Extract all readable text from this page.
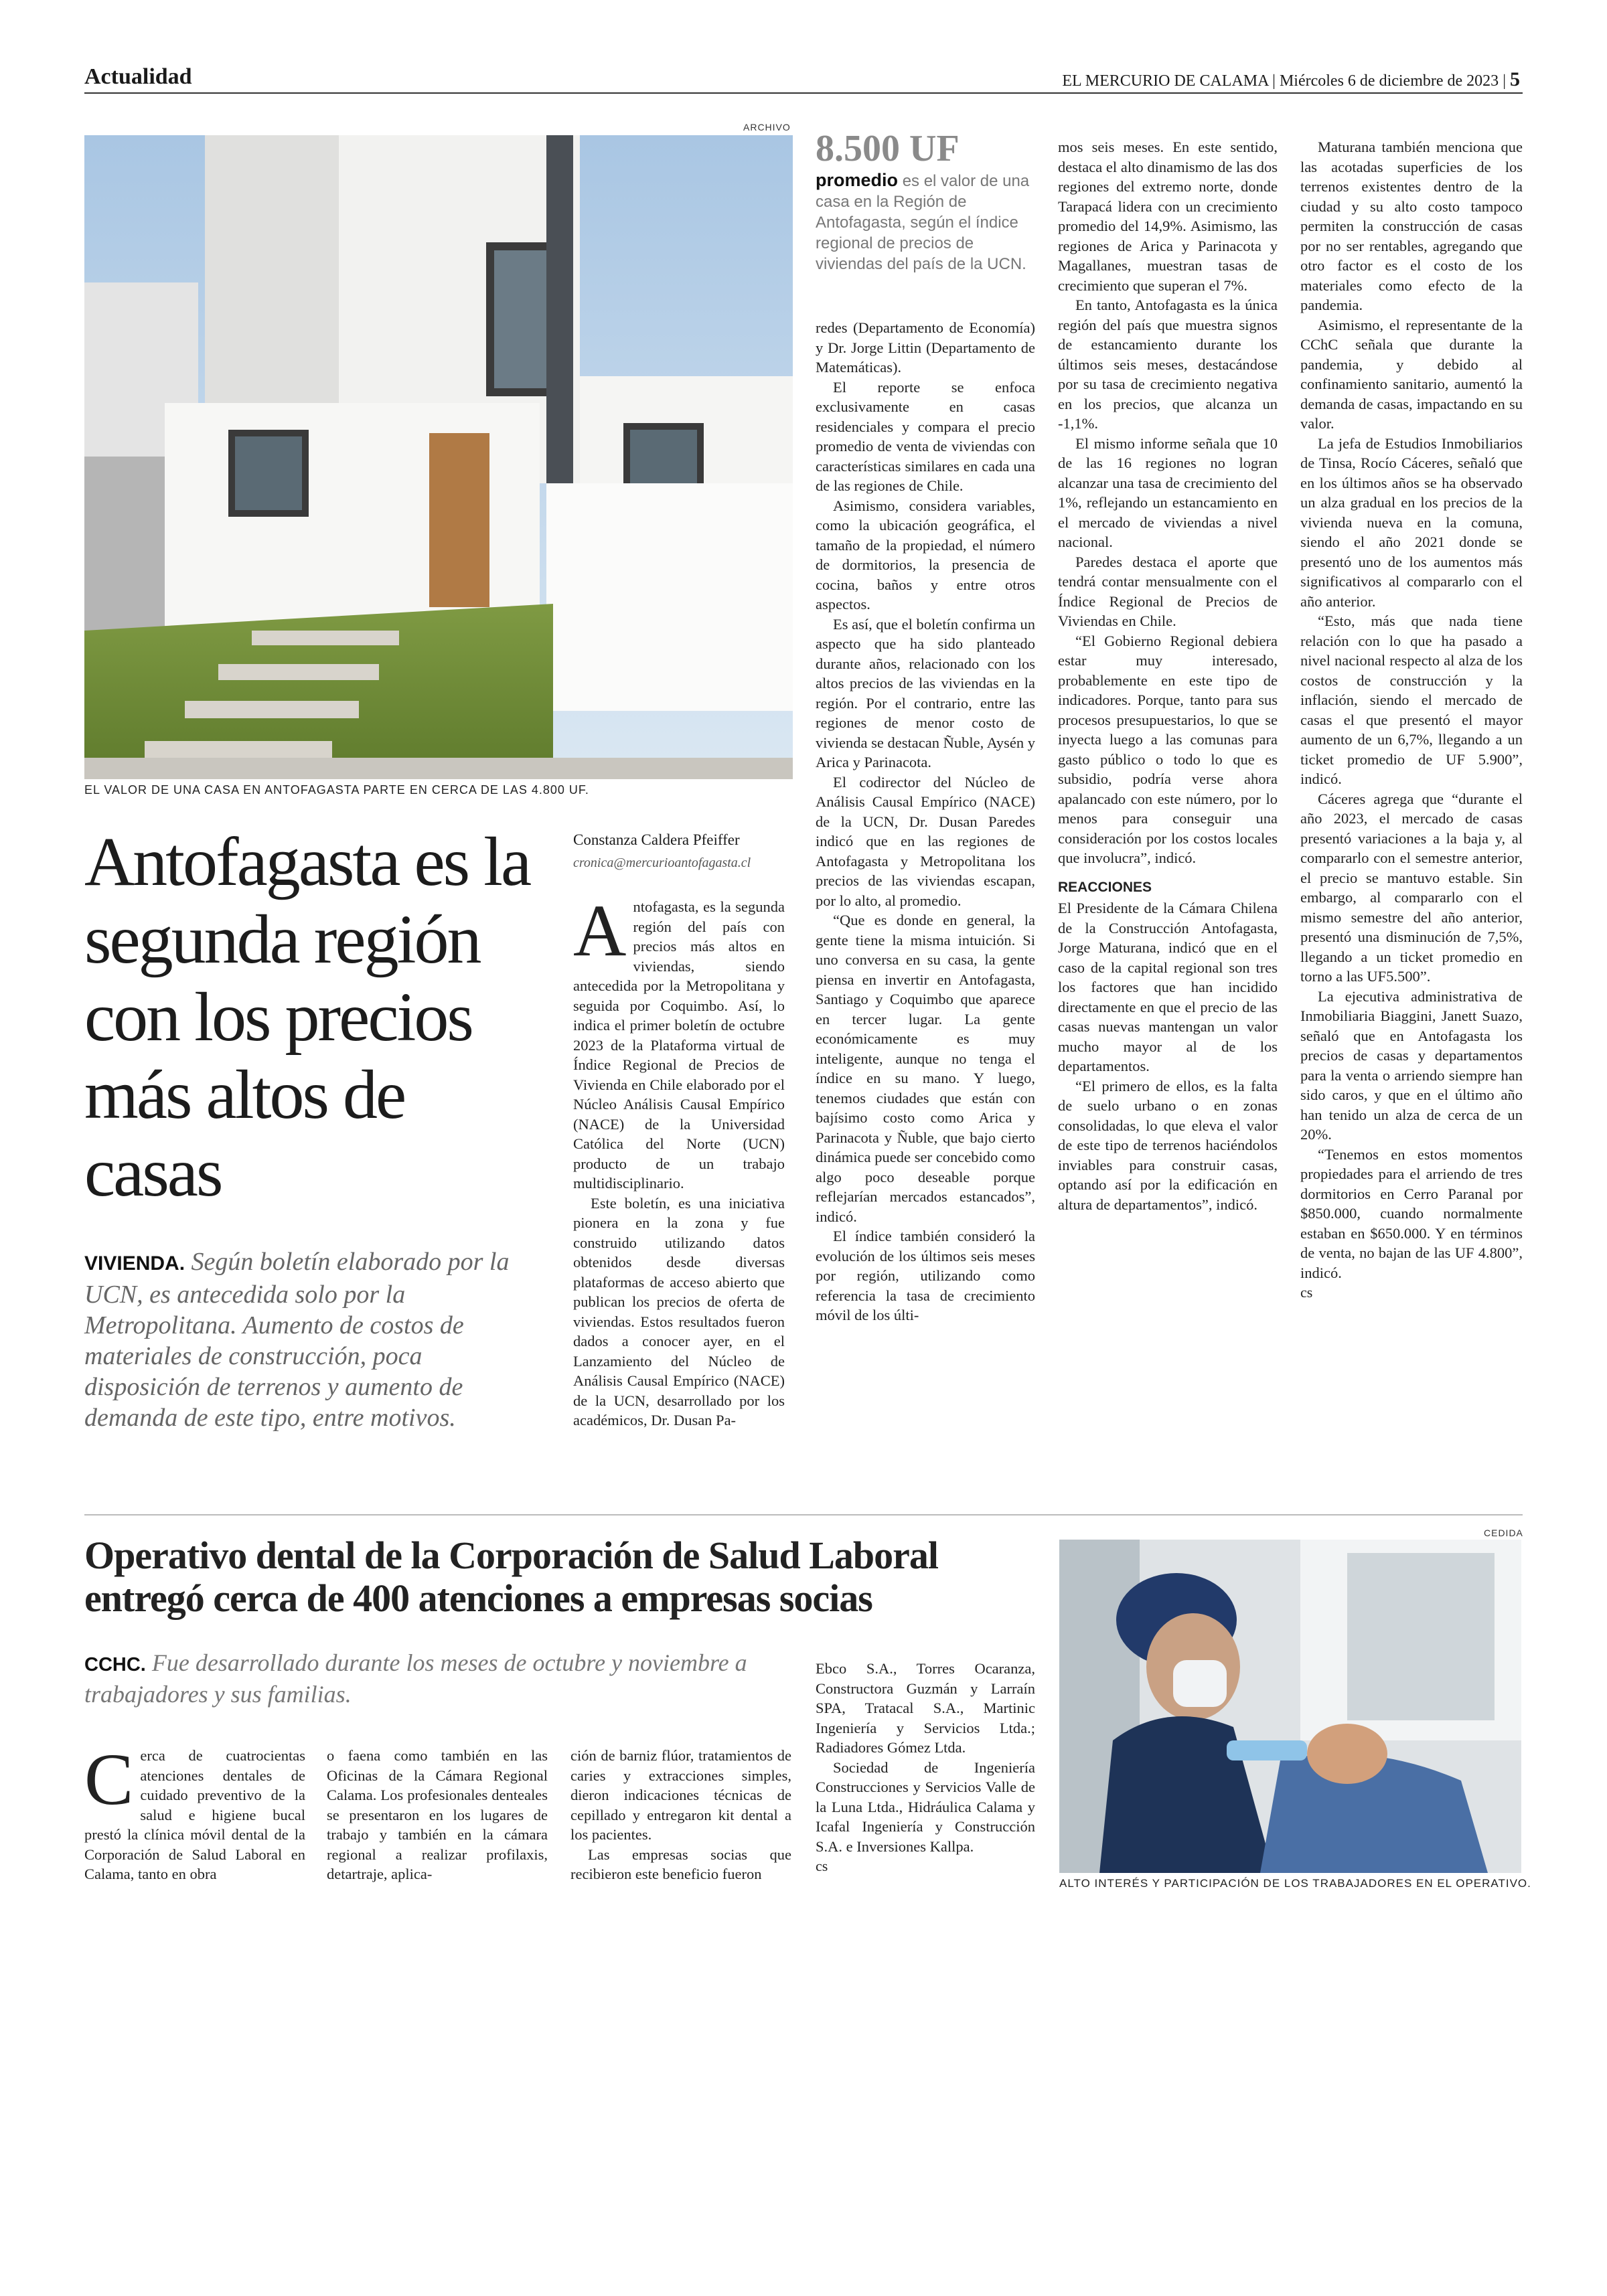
Actualidad	EL MERCURIO DE CALAMA | Miércoles 6 de diciembre de 2023 | 5
ARCHIVO
EL VALOR DE UNA CASA EN ANTOFAGASTA PARTE EN CERCA DE LAS 4.800 UF.
Antofagasta es la segunda región con los precios más altos de casas
VIVIENDA. Según boletín elaborado por la UCN, es antecedida solo por la Metropolitana. Aumento de costos de materiales de construcción, poca disposición de terrenos y aumento de demanda de este tipo, entre motivos.
Constanza Caldera Pfeiffer
cronica@mercurioantofagasta.cl
A ntofagasta, es la segunda región del país con precios más altos en viviendas, siendo antecedida por la Metropolitana y seguida por Coquimbo. Así, lo indica el primer boletín de octubre 2023 de la Plataforma virtual de Índice Regional de Precios de Vivienda en Chile elaborado por el Núcleo Análisis Causal Empírico (NACE) de la Universidad Católica del Norte (UCN) producto de un trabajo multidisciplinario.

Este boletín, es una iniciativa pionera en la zona y fue construido utilizando datos obtenidos desde diversas plataformas de acceso abierto que publican los precios de oferta de viviendas. Estos resultados fueron dados a conocer ayer, en el Lanzamiento del Núcleo de Análisis Causal Empírico (NACE) de la UCN, desarrollado por los académicos, Dr. Dusan Pa-

8.500 UF
promedio es el valor de una casa en la Región de Antofagasta, según el índice regional de precios de viviendas del país de la UCN.

redes (Departamento de Economía) y Dr. Jorge Littin (Departamento de Matemáticas).

El reporte se enfoca exclusivamente en casas residenciales y compara el precio promedio de venta de viviendas con características similares en cada una de las regiones de Chile.

Asimismo, considera variables, como la ubicación geográfica, el tamaño de la propiedad, el número de dormitorios, la presencia de cocina, baños y entre otros aspectos.

Es así, que el boletín confirma un aspecto que ha sido planteado durante años, relacionado con los altos precios de las viviendas en la región. Por el contrario, entre las regiones de menor costo de vivienda se destacan Ñuble, Aysén y Arica y Parinacota.

El codirector del Núcleo de Análisis Causal Empírico (NACE) de la UCN, Dr. Dusan Paredes indicó que en las regiones de Antofagasta y Metropolitana los precios de las viviendas escapan, por lo alto, al promedio.

“Que es donde en general, la gente tiene la misma intuición. Si uno conversa en su casa, la gente piensa en invertir en Antofagasta, Santiago y Coquimbo que aparece en tercer lugar. La gente económicamente es muy inteligente, aunque no tenga el índice en su mano. Y luego, tenemos ciudades que están con bajísimo costo como Arica y Parinacota y Ñuble, que bajo cierto dinámica puede ser concebido como algo poco deseable porque reflejarían mercados estancados”, indicó.

El índice también consideró la evolución de los últimos seis meses por región, utilizando como referencia la tasa de crecimiento móvil de los últi-

mos seis meses. En este sentido, destaca el alto dinamismo de las dos regiones del extremo norte, donde Tarapacá lidera con un crecimiento promedio del 14,9%. Asimismo, las regiones de Arica y Parinacota y Magallanes, muestran tasas de crecimiento que superan el 7%.

En tanto, Antofagasta es la única región del país que muestra signos de estancamiento durante los últimos seis meses, destacándose por su tasa de crecimiento negativa en los precios, que alcanza un -1,1%.

El mismo informe señala que 10 de las 16 regiones no logran alcanzar una tasa de crecimiento del 1%, reflejando un estancamiento en el mercado de viviendas a nivel nacional.

Paredes destaca el aporte que tendrá contar mensualmente con el Índice Regional de Precios de Viviendas en Chile.

“El Gobierno Regional debiera estar muy interesado, probablemente en este tipo de indicadores. Porque, tanto para sus procesos presupuestarios, lo que se inyecta luego a las comunas para gasto público o todo lo que es subsidio, podría verse ahora apalancado con este número, por lo menos para conseguir una consideración por los costos locales que involucra”, indicó.

REACCIONES

El Presidente de la Cámara Chilena de la Construcción Antofagasta, Jorge Maturana, indicó que en el caso de la capital regional son tres los factores que han incidido directamente en que el precio de las casas nuevas mantengan un valor mucho mayor al de los departamentos.

“El primero de ellos, es la falta de suelo urbano o en zonas consolidadas, lo que eleva el valor de este tipo de terrenos haciéndolos inviables para construir casas, optando así por la edificación en altura de departamentos”, indicó.

Maturana también menciona que las acotadas superficies de los terrenos existentes dentro de la ciudad y su alto costo tampoco permiten la construcción de casas por no ser rentables, agregando que otro factor es el costo de los materiales como efecto de la pandemia.

Asimismo, el representante de la CChC señala que durante la pandemia, y debido al confinamiento sanitario, aumentó la demanda de casas, impactando en su valor.

La jefa de Estudios Inmobiliarios de Tinsa, Rocío Cáceres, señaló que en los últimos años se ha observado un alza gradual en los precios de la vivienda nueva en la comuna, siendo el año 2021 donde se presentó uno de los aumentos más significativos al compararlo con el año anterior.

“Esto, más que nada tiene relación con lo que ha pasado a nivel nacional respecto al alza de los costos de construcción y la inflación, siendo el mercado de casas el que presentó el mayor aumento de un 6,7%, llegando a un ticket promedio de UF 5.900”, indicó.

Cáceres agrega que “durante el año 2023, el mercado de casas presentó variaciones a la baja y, al compararlo con el semestre anterior, el precio se mantuvo estable. Sin embargo, al compararlo con el mismo semestre del año anterior, presentó una disminución de 7,5%, llegando a un ticket promedio en torno a las UF5.500”.

La ejecutiva administrativa de Inmobiliaria Biaggini, Janett Suazo, señaló que en Antofagasta los precios de casas y departamentos para la venta o arriendo siempre han sido caros, y que en el último año han tenido un alza de cerca de un 20%.

“Tenemos en estos momentos propiedades para el arriendo de tres dormitorios en Cerro Paranal por $850.000, cuando normalmente estaban en $650.000. Y en términos de venta, no bajan de las UF 4.800”, indicó.

cs
Operativo dental de la Corporación de Salud Laboral entregó cerca de 400 atenciones a empresas socias
CCHC. Fue desarrollado durante los meses de octubre y noviembre a trabajadores y sus familias.
C erca de cuatrocientas atenciones dentales de cuidado preventivo de la salud e higiene bucal prestó la clínica móvil dental de la Corporación de Salud Laboral en Calama, tanto en obra

o faena como también en las Oficinas de la Cámara Regional Calama. Los profesionales denteales se presentaron en los lugares de trabajo y también en la cámara regional a realizar profilaxis, detartraje, aplica-

ción de barniz flúor, tratamientos de caries y extracciones simples, dieron indicaciones técnicas de cepillado y entregaron kit dental a los pacientes.

Las empresas socias que recibieron este beneficio fueron

Ebco S.A., Torres Ocaranza, Constructora Guzmán y Larraín SPA, Tratacal S.A., Martinic Ingeniería y Servicios Ltda.; Radiadores Gómez Ltda.

Sociedad de Ingeniería Construcciones y Servicios Valle de la Luna Ltda., Hidráulica Calama y Icafal Ingeniería y Construcción S.A. e Inversiones Kallpa.

cs
CEDIDA
ALTO INTERÉS Y PARTICIPACIÓN DE LOS TRABAJADORES EN EL OPERATIVO.
